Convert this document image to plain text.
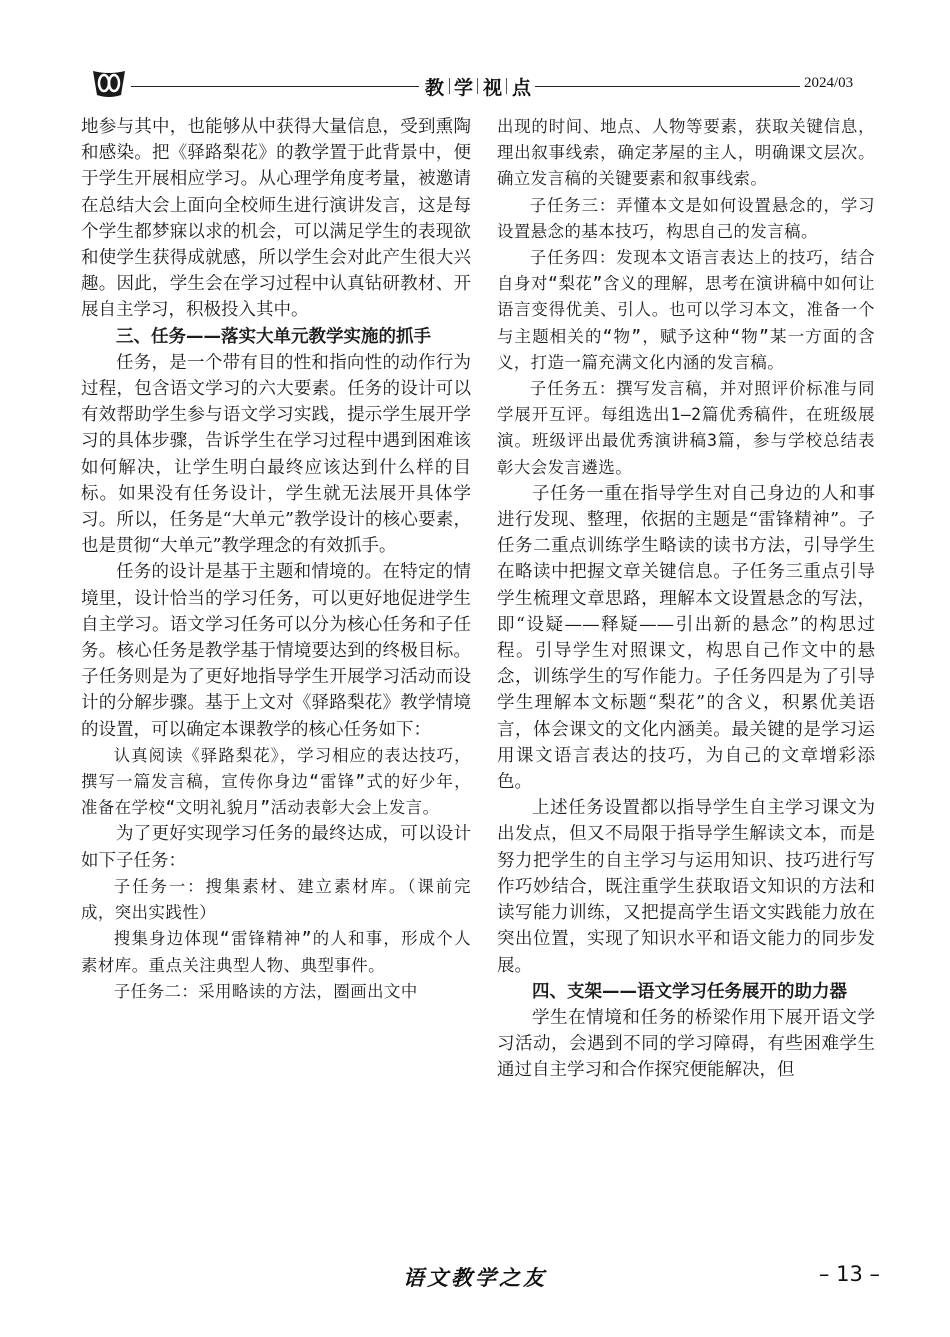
教 学 视 点	2024/03

地参与其中，也能够从中获得大量信息，受到熏陶和感染。把《驿路梨花》的教学置于此背景中，便于学生开展相应学习。从心理学角度考量，被邀请在总结大会上面向全校师生进行演讲发言，这是每个学生都梦寐以求的机会，可以满足学生的表现欲和使学生获得成就感，所以学生会对此产生很大兴趣。因此，学生会在学习过程中认真钻研教材、开展自主学习，积极投入其中。

三、任务——落实大单元教学实施的抓手

任务，是一个带有目的性和指向性的动作行为过程，包含语文学习的六大要素。任务的设计可以有效帮助学生参与语文学习实践，提示学生展开学习的具体步骤，告诉学生在学习过程中遇到困难该如何解决，让学生明白最终应该达到什么样的目标。如果没有任务设计，学生就无法展开具体学习。所以，任务是“大单元”教学设计的核心要素，也是贯彻“大单元”教学理念的有效抓手。

任务的设计是基于主题和情境的。在特定的情境里，设计恰当的学习任务，可以更好地促进学生自主学习。语文学习任务可以分为核心任务和子任务。核心任务是教学基于情境要达到的终极目标。子任务则是为了更好地指导学生开展学习活动而设计的分解步骤。基于上文对《驿路梨花》教学情境的设置，可以确定本课教学的核心任务如下：

认真阅读《驿路梨花》，学习相应的表达技巧，撰写一篇发言稿，宣传你身边“雷锋”式的好少年，准备在学校“文明礼貌月”活动表彰大会上发言。

为了更好实现学习任务的最终达成，可以设计如下子任务：

子任务一：搜集素材、建立素材库。（课前完成，突出实践性）

搜集身边体现“雷锋精神”的人和事，形成个人素材库。重点关注典型人物、典型事件。

子任务二：采用略读的方法，圈画出文中

出现的时间、地点、人物等要素，获取关键信息，理出叙事线索，确定茅屋的主人，明确课文层次。确立发言稿的关键要素和叙事线索。

子任务三：弄懂本文是如何设置悬念的，学习设置悬念的基本技巧，构思自己的发言稿。

子任务四：发现本文语言表达上的技巧，结合自身对“梨花”含义的理解，思考在演讲稿中如何让语言变得优美、引人。也可以学习本文，准备一个与主题相关的“物”，赋予这种“物”某一方面的含义，打造一篇充满文化内涵的发言稿。

子任务五：撰写发言稿，并对照评价标准与同学展开互评。每组选出1—2篇优秀稿件，在班级展演。班级评出最优秀演讲稿3篇，参与学校总结表彰大会发言遴选。

子任务一重在指导学生对自己身边的人和事进行发现、整理，依据的主题是“雷锋精神”。子任务二重点训练学生略读的读书方法，引导学生在略读中把握文章关键信息。子任务三重点引导学生梳理文章思路，理解本文设置悬念的写法，即“设疑——释疑——引出新的悬念”的构思过程。引导学生对照课文，构思自己作文中的悬念，训练学生的写作能力。子任务四是为了引导学生理解本文标题“梨花”的含义，积累优美语言，体会课文的文化内涵美。最关键的是学习运用课文语言表达的技巧，为自己的文章增彩添色。

上述任务设置都以指导学生自主学习课文为出发点，但又不局限于指导学生解读文本，而是努力把学生的自主学习与运用知识、技巧进行写作巧妙结合，既注重学生获取语文知识的方法和读写能力训练，又把提高学生语文实践能力放在突出位置，实现了知识水平和语文能力的同步发展。

四、支架——语文学习任务展开的助力器

学生在情境和任务的桥梁作用下展开语文学习活动，会遇到不同的学习障碍，有些困难学生通过自主学习和合作探究便能解决，但

语文教学之友	– 13 –
